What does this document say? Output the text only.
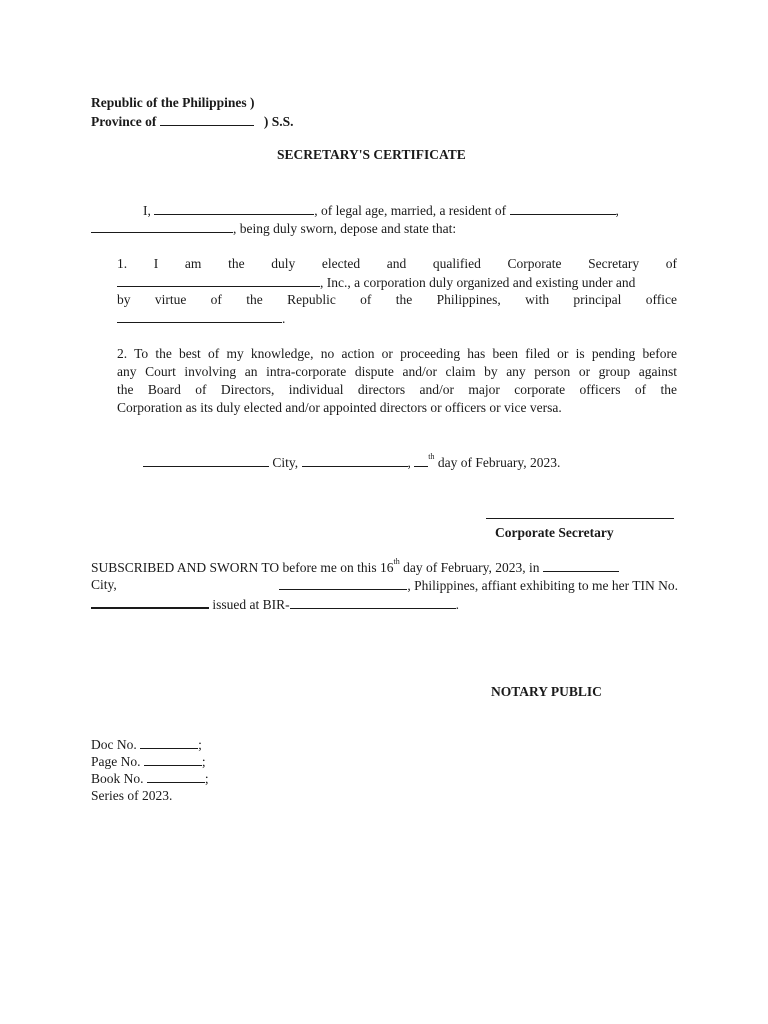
Republic of the Philippines )
Province of	) S.S.
SECRETARY'S CERTIFICATE
I,	, of legal age, married, a resident of	,
, being duly sworn, depose and state that:
1. I am the duly elected and qualified Corporate Secretary of
, Inc., a corporation duly organized and existing under and
by virtue of the Republic of the Philippines, with principal office
.
2. To the best of my knowledge, no action or proceeding has been filed or is pending before
any Court involving an intra-corporate dispute and/or claim by any person or group against
the Board of Directors, individual directors and/or major corporate officers of the
Corporation as its duly elected and/or appointed directors or officers or vice versa.
City,	, $^{th}$ day of February, 2023.
Corporate Secretary
SUBSCRIBED AND SWORN TO before me on this 16th day of February, 2023, in
City,	, Philippines, affiant exhibiting to me her TIN No.
issued at BIR-	.
NOTARY PUBLIC
Doc No.	;
Page No.	;
Book No.	;
Series of 2023.
